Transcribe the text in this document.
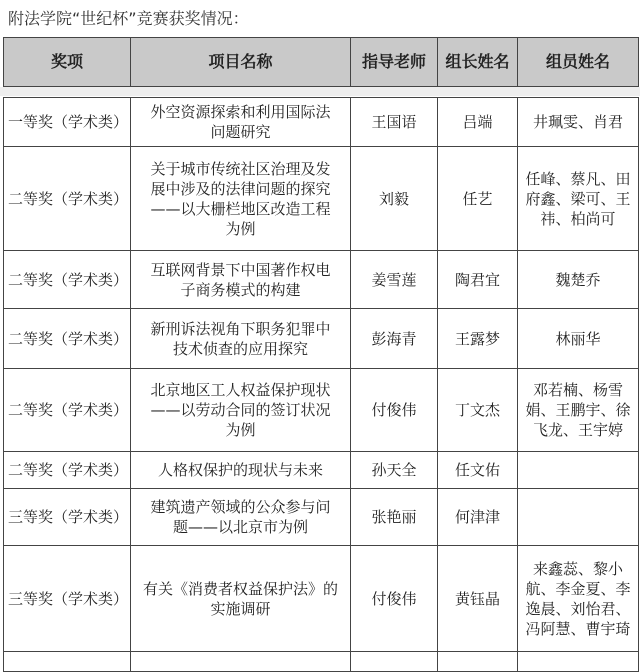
附法学院“世纪杯”竞赛获奖情况：
奖项	项目名称	指导老师	组长姓名	组员姓名
一等奖（学术类）	外空资源探索和利用国际法
问题研究	王国语	吕端	井珮雯、肖君
二等奖（学术类）	关于城市传统社区治理及发
展中涉及的法律问题的探究
——以大栅栏地区改造工程
为例	刘毅	任艺	任峰、蔡凡、田
府鑫、梁可、王
祎、柏尚可
二等奖（学术类）	互联网背景下中国著作权电
子商务模式的构建	姜雪莲	陶君宜	魏楚乔
二等奖（学术类）	新刑诉法视角下职务犯罪中
技术侦查的应用探究	彭海青	王露梦	林丽华
二等奖（学术类）	北京地区工人权益保护现状
——以劳动合同的签订状况
为例	付俊伟	丁文杰	邓若楠、杨雪
娟、王鹏宇、徐
飞龙、王宇婷
二等奖（学术类）	人格权保护的现状与未来	孙天全	任文佑	
三等奖（学术类）	建筑遗产领域的公众参与问
题——以北京市为例	张艳丽	何津津	
三等奖（学术类）	有关《消费者权益保护法》的
实施调研	付俊伟	黄钰晶	来鑫蕊、黎小
航、李金夏、李
逸晨、刘怡君、
冯阿慧、曹宇琦
